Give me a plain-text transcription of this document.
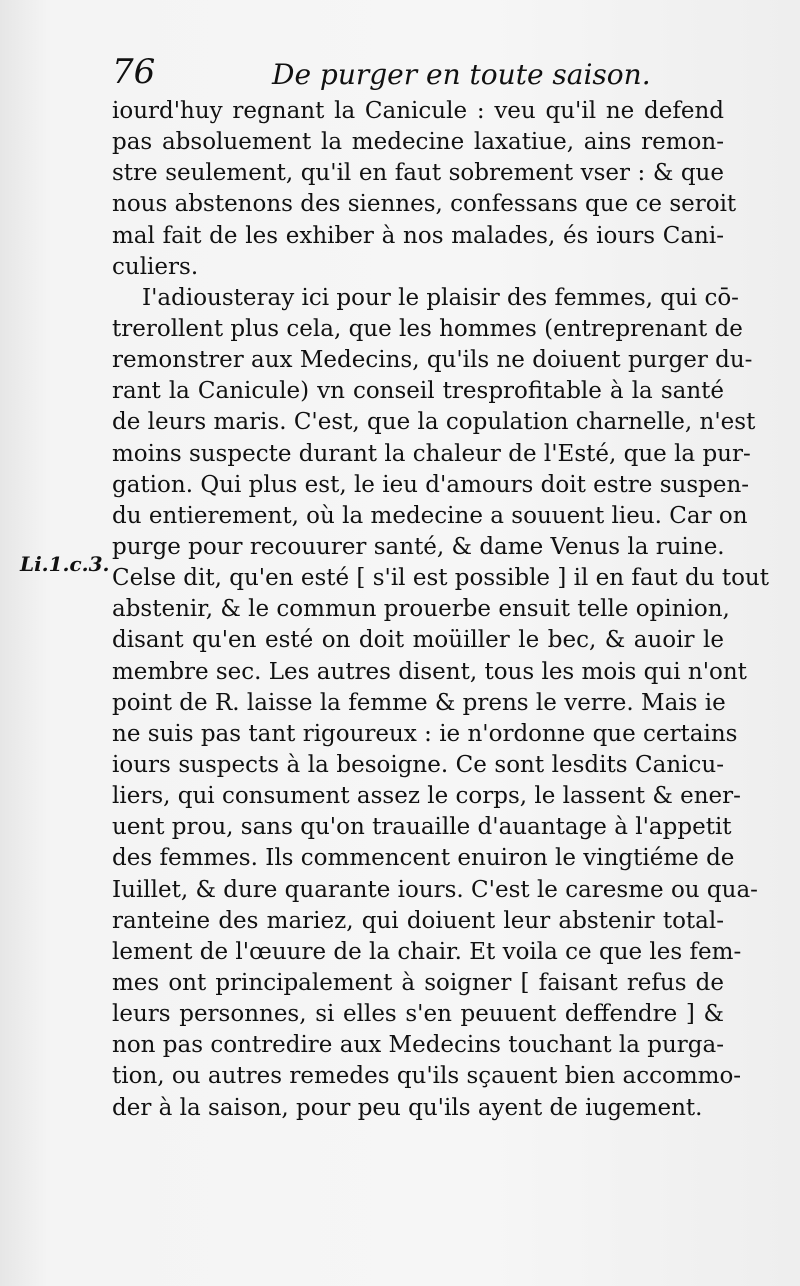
76	De purger en toute saison.
Li.1.c.3.
iourd'huy regnant la Canicule : veu qu'il ne defend
pas absoluement la medecine laxatiue, ains remon-
stre seulement, qu'il en faut sobrement vser : & que
nous abstenons des siennes, confessans que ce seroit
mal fait de les exhiber à nos malades, és iours Cani-
culiers.
I'adiousteray ici pour le plaisir des femmes, qui cō-
trerollent plus cela, que les hommes (entreprenant de
remonstrer aux Medecins, qu'ils ne doiuent purger du-
rant la Canicule) vn conseil tresprofitable à la santé
de leurs maris. C'est, que la copulation charnelle, n'est
moins suspecte durant la chaleur de l'Esté, que la pur-
gation. Qui plus est, le ieu d'amours doit estre suspen-
du entierement, où la medecine a souuent lieu. Car on
purge pour recouurer santé, & dame Venus la ruine.
Celse dit, qu'en esté [ s'il est possible ] il en faut du tout
abstenir, & le commun prouerbe ensuit telle opinion,
disant qu'en esté on doit moüiller le bec, & auoir le
membre sec. Les autres disent, tous les mois qui n'ont
point de R. laisse la femme & prens le verre. Mais ie
ne suis pas tant rigoureux : ie n'ordonne que certains
iours suspects à la besoigne. Ce sont lesdits Canicu-
liers, qui consument assez le corps, le lassent & ener-
uent prou, sans qu'on trauaille d'auantage à l'appetit
des femmes. Ils commencent enuiron le vingtiéme de
Iuillet, & dure quarante iours. C'est le caresme ou qua-
ranteine des mariez, qui doiuent leur abstenir total-
lement de l'œuure de la chair. Et voila ce que les fem-
mes ont principalement à soigner [ faisant refus de
leurs personnes, si elles s'en peuuent deffendre ] &
non pas contredire aux Medecins touchant la purga-
tion, ou autres remedes qu'ils sçauent bien accommo-
der à la saison, pour peu qu'ils ayent de iugement.
